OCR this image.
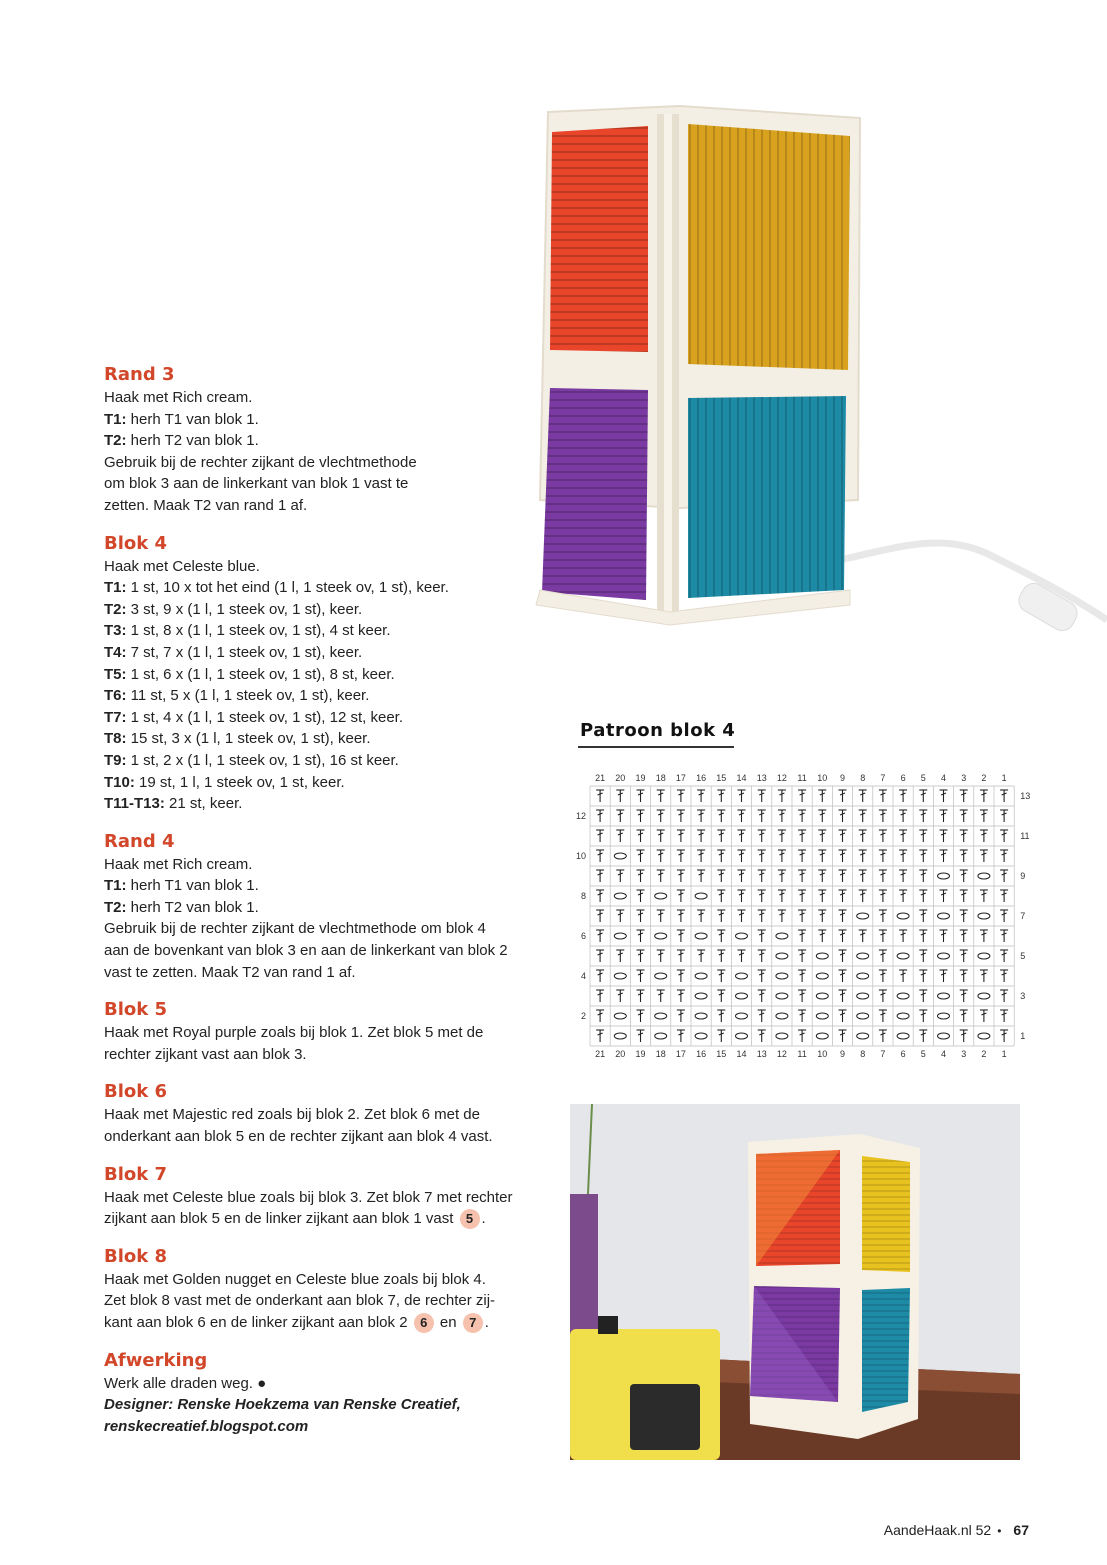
Rand 3

Haak met Rich cream.

T1: herh T1 van blok 1.

T2: herh T2 van blok 1.

Gebruik bij de rechter zijkant de vlechtmethode

om blok 3 aan de linkerkant van blok 1 vast te

zetten. Maak T2 van rand 1 af.

Blok 4

Haak met Celeste blue.

T1: 1 st, 10 x tot het eind (1 l, 1 steek ov, 1 st), keer.

T2: 3 st, 9 x (1 l, 1 steek ov, 1 st), keer.

T3: 1 st, 8 x (1 l, 1 steek ov, 1 st), 4 st keer.

T4: 7 st, 7 x (1 l, 1 steek ov, 1 st), keer.

T5: 1 st, 6 x (1 l, 1 steek ov, 1 st), 8 st, keer.

T6: 11 st, 5 x (1 l, 1 steek ov, 1 st), keer.

T7: 1 st, 4 x (1 l, 1 steek ov, 1 st), 12 st, keer.

T8: 15 st, 3 x (1 l, 1 steek ov, 1 st), keer.

T9: 1 st, 2 x (1 l, 1 steek ov, 1 st), 16 st keer.

T10: 19 st, 1 l, 1 steek ov, 1 st, keer.

T11-T13: 21 st, keer.

Rand 4

Haak met Rich cream.

T1: herh T1 van blok 1.

T2: herh T2 van blok 1.

Gebruik bij de rechter zijkant de vlechtmethode om blok 4

aan de bovenkant van blok 3 en aan de linkerkant van blok 2

vast te zetten. Maak T2 van rand 1 af.

Blok 5

Haak met Royal purple zoals bij blok 1. Zet blok 5 met de

rechter zijkant vast aan blok 3.

Blok 6

Haak met Majestic red zoals bij blok 2. Zet blok 6 met de

onderkant aan blok 5 en de rechter zijkant aan blok 4 vast.

Blok 7

Haak met Celeste blue zoals bij blok 3. Zet blok 7 met rechter

zijkant aan blok 5 en de linker zijkant aan blok 1 vast 5 .

Blok 8

Haak met Golden nugget en Celeste blue zoals bij blok 4.

Zet blok 8 vast met de onderkant aan blok 7, de rechter zij-

kant aan blok 6 en de linker zijkant aan blok 2 6 en 7 .

Afwerking

Werk alle draden weg. ●

Designer: Renske Hoekzema van Renske Creatief,

renskecreatief.blogspot.com

Patroon blok 4
21
21
20
20
19
19
18
18
17
17
16
16
15
15
14
14
13
13
12
12
11
11
10
10
9
9
8
8
7
7
6
6
5
5
4
4
3
3
2
2
1
1
13
11
9
7
5
3
1
12
10
8
6
4
2
AandeHaak.nl 52 • 67
